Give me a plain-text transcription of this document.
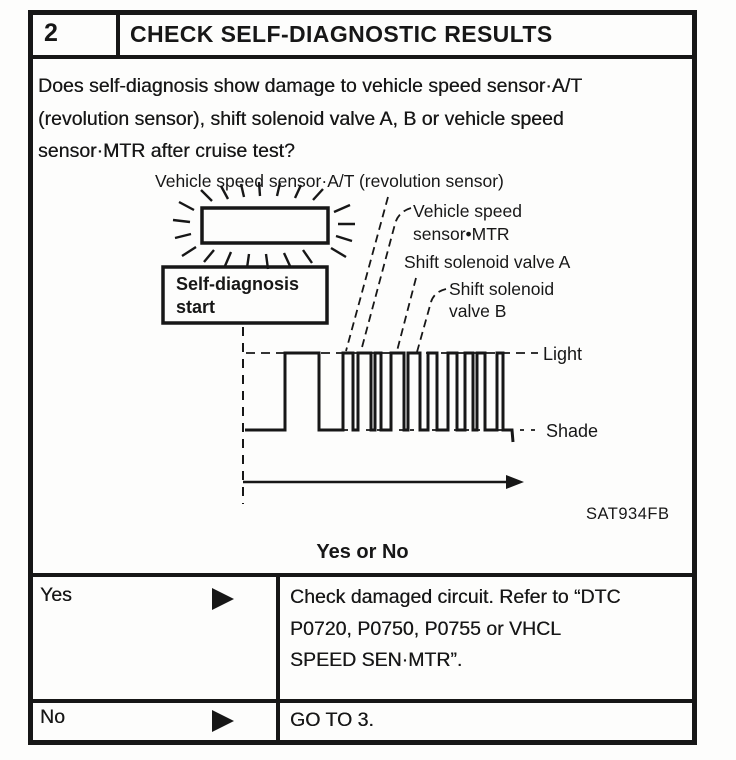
2	CHECK SELF-DIAGNOSTIC RESULTS
Does self-diagnosis show damage to vehicle speed sensor·A/T
(revolution sensor), shift solenoid valve A, B or vehicle speed
sensor·MTR after cruise test?
Vehicle speed sensor·A/T (revolution sensor)
Self-diagnosis
start
Vehicle speed
sensor•MTR
Shift solenoid valve A
Shift solenoid
valve B
Light
Shade
SAT934FB
Yes or No
Yes	Check damaged circuit. Refer to “DTC
P0720, P0750, P0755 or VHCL
SPEED SEN·MTR”.
No	GO TO 3.
